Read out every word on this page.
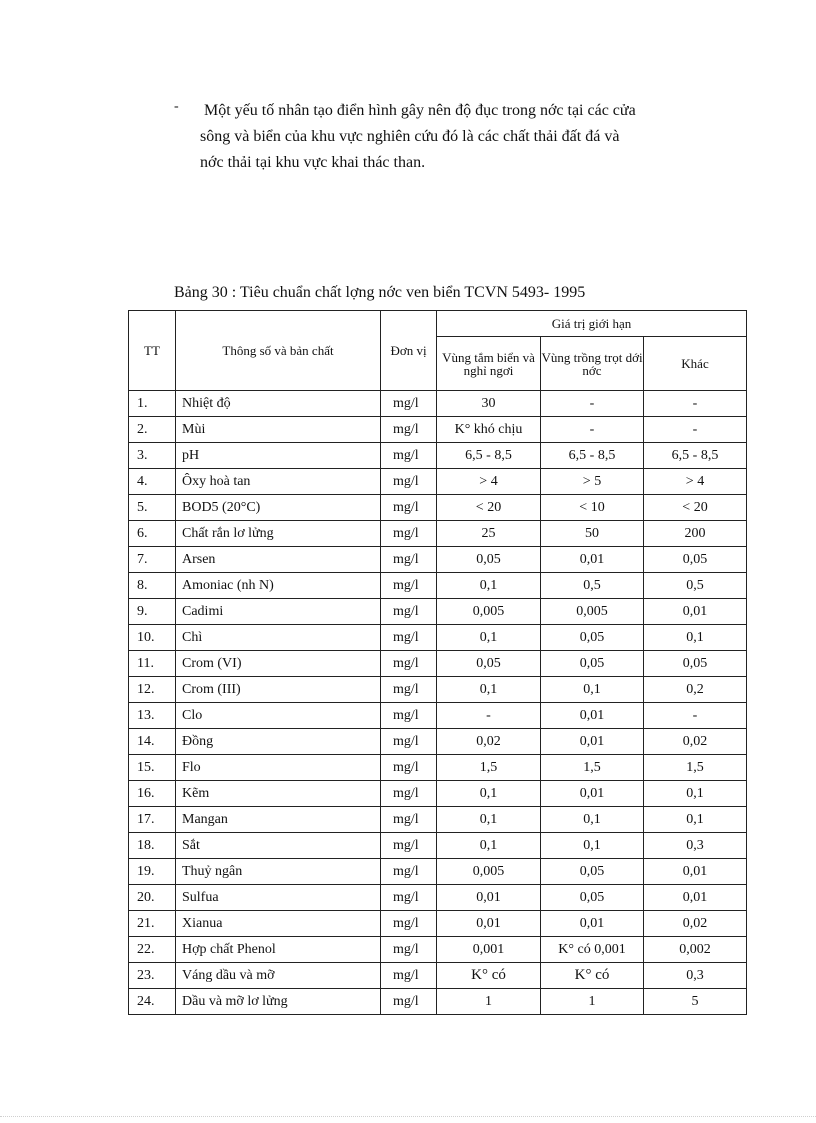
- Một yếu tố nhân tạo điển hình gây nên độ đục trong nớc tại các cửa
sông và biển của khu vực nghiên cứu đó là các chất thải đất đá và
nớc thải tại khu vực khai thác than.
Bảng 30 : Tiêu chuẩn chất lợng nớc ven biển TCVN 5493- 1995
TT	Thông số và bản chất	Đơn vị	Giá trị giới hạn		
			Vùng tắm biển và nghỉ ngơi	Vùng trồng trọt dới nớc	Khác
1.	Nhiệt độ	mg/l	30	-	-
2.	Mùi	mg/l	K° khó chịu	-	-
3.	pH	mg/l	6,5 - 8,5	6,5 - 8,5	6,5 - 8,5
4.	Ôxy hoà tan	mg/l	> 4	> 5	> 4
5.	BOD5 (20°C)	mg/l	< 20	< 10	< 20
6.	Chất rắn lơ lửng	mg/l	25	50	200
7.	Arsen	mg/l	0,05	0,01	0,05
8.	Amoniac (nh N)	mg/l	0,1	0,5	0,5
9.	Cadimi	mg/l	0,005	0,005	0,01
10.	Chì	mg/l	0,1	0,05	0,1
11.	Crom (VI)	mg/l	0,05	0,05	0,05
12.	Crom (III)	mg/l	0,1	0,1	0,2
13.	Clo	mg/l	-	0,01	-
14.	Đồng	mg/l	0,02	0,01	0,02
15.	Flo	mg/l	1,5	1,5	1,5
16.	Kẽm	mg/l	0,1	0,01	0,1
17.	Mangan	mg/l	0,1	0,1	0,1
18.	Sắt	mg/l	0,1	0,1	0,3
19.	Thuỷ ngân	mg/l	0,005	0,05	0,01
20.	Sulfua	mg/l	0,01	0,05	0,01
21.	Xianua	mg/l	0,01	0,01	0,02
22.	Hợp chất Phenol	mg/l	0,001	K° có 0,001	0,002
23.	Váng dầu và mỡ	mg/l	K° có	K° có	0,3
24.	Dầu và mỡ lơ lửng	mg/l	1	1	5
